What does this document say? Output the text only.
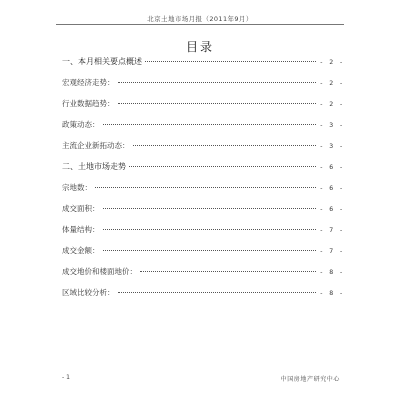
北京土地市场月报（2011年9月）
目录
一、本月相关要点概述	- 2 -
宏观经济走势：	- 2 -
行业数据趋势：	- 2 -
政策动态：	- 3 -
主流企业新拓动态：	- 3 -
二、土地市场走势	- 6 -
宗地数：	- 6 -
成交面积：	- 6 -
体量结构：	- 7 -
成交金额：	- 7 -
成交地价和楼面地价：	- 8 -
区域比较分析：	- 8 -
- 1	中国房地产研究中心
